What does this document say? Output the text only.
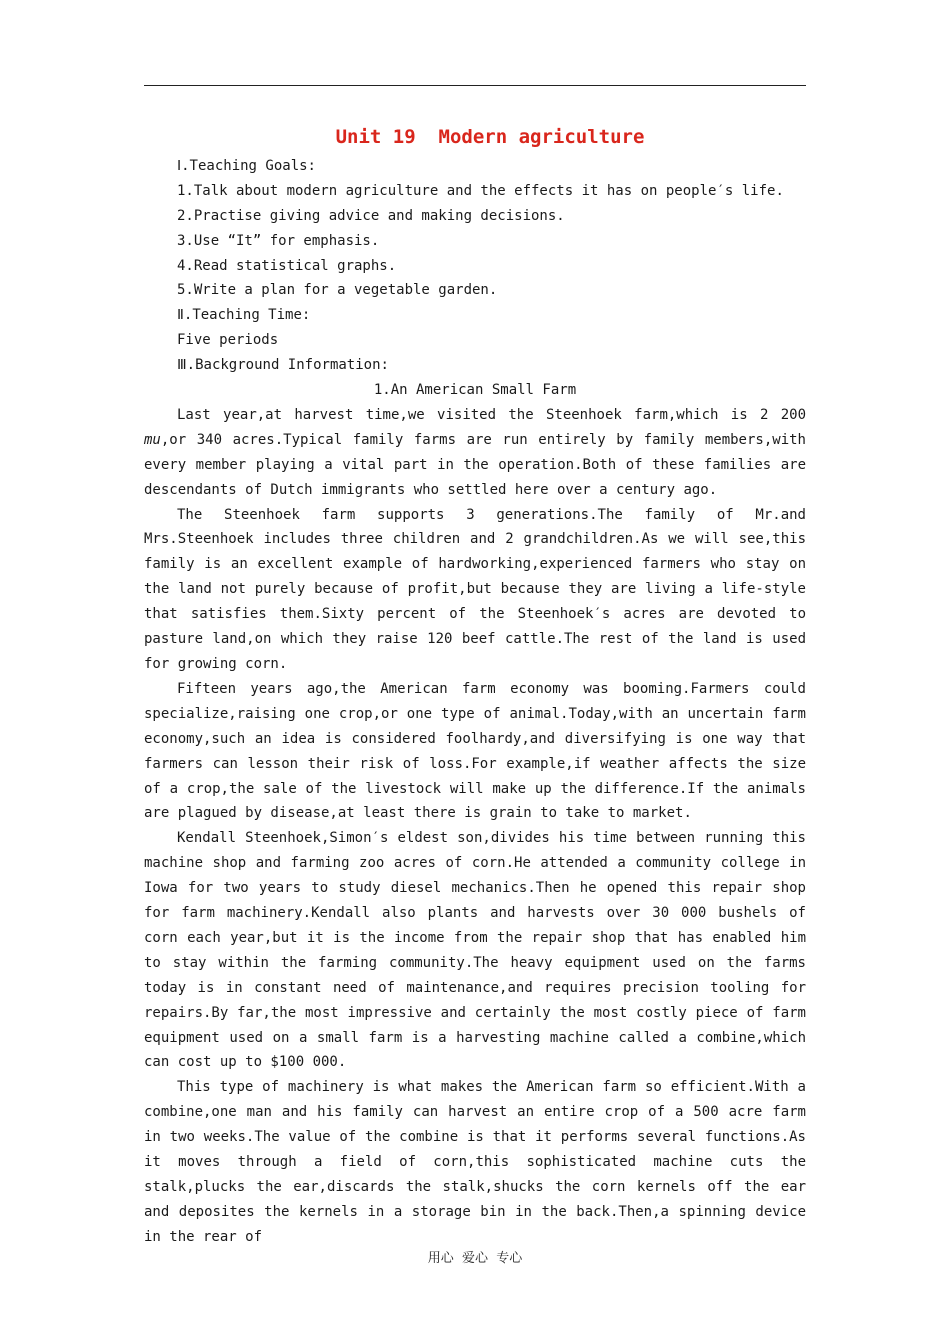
Unit 19  Modern agriculture
Ⅰ.Teaching Goals:
1.Talk about modern agriculture and the effects it has on people′s life.
2.Practise giving advice and making decisions.
3.Use “It” for emphasis.
4.Read statistical graphs.
5.Write a plan for a vegetable garden.
Ⅱ.Teaching Time:
Five periods
Ⅲ.Background Information:
1.An American Small Farm

Last year,at harvest time,we visited the Steenhoek farm,which is 2 200 mu,or 340 acres.Typical family farms are run entirely by family members,with every member playing a vital part in the operation.Both of these families are descendants of Dutch immigrants who settled here over a century ago.

The Steenhoek farm supports 3 generations.The family of Mr.and Mrs.Steenhoek includes three children and 2 grandchildren.As we will see,this family is an excellent example of hardworking,experienced farmers who stay on the land not purely because of profit,but because they are living a life-style that satisfies them.Sixty percent of the Steenhoek′s acres are devoted to pasture land,on which they raise 120 beef cattle.The rest of the land is used for growing corn.

Fifteen years ago,the American farm economy was booming.Farmers could specialize,raising one crop,or one type of animal.Today,with an uncertain farm economy,such an idea is considered foolhardy,and diversifying is one way that farmers can lesson their risk of loss.For example,if weather affects the size of a crop,the sale of the livestock will make up the difference.If the animals are plagued by disease,at least there is grain to take to market.

Kendall Steenhoek,Simon′s eldest son,divides his time between running this machine shop and farming zoo acres of corn.He attended a community college in Iowa for two years to study diesel mechanics.Then he opened this repair shop for farm machinery.Kendall also plants and harvests over 30 000 bushels of corn each year,but it is the income from the repair shop that has enabled him to stay within the farming community.The heavy equipment used on the farms today is in constant need of maintenance,and requires precision tooling for repairs.By far,the most impressive and certainly the most costly piece of farm equipment used on a small farm is a harvesting machine called a combine,which can cost up to $100 000.

This type of machinery is what makes the American farm so efficient.With a combine,one man and his family can harvest an entire crop of a 500 acre farm in two weeks.The value of the combine is that it performs several functions.As it moves through a field of corn,this sophisticated machine cuts the stalk,plucks the ear,discards the stalk,shucks the corn kernels off the ear and deposites the kernels in a storage bin in the back.Then,a spinning device in the rear of

用心  爱心  专心
